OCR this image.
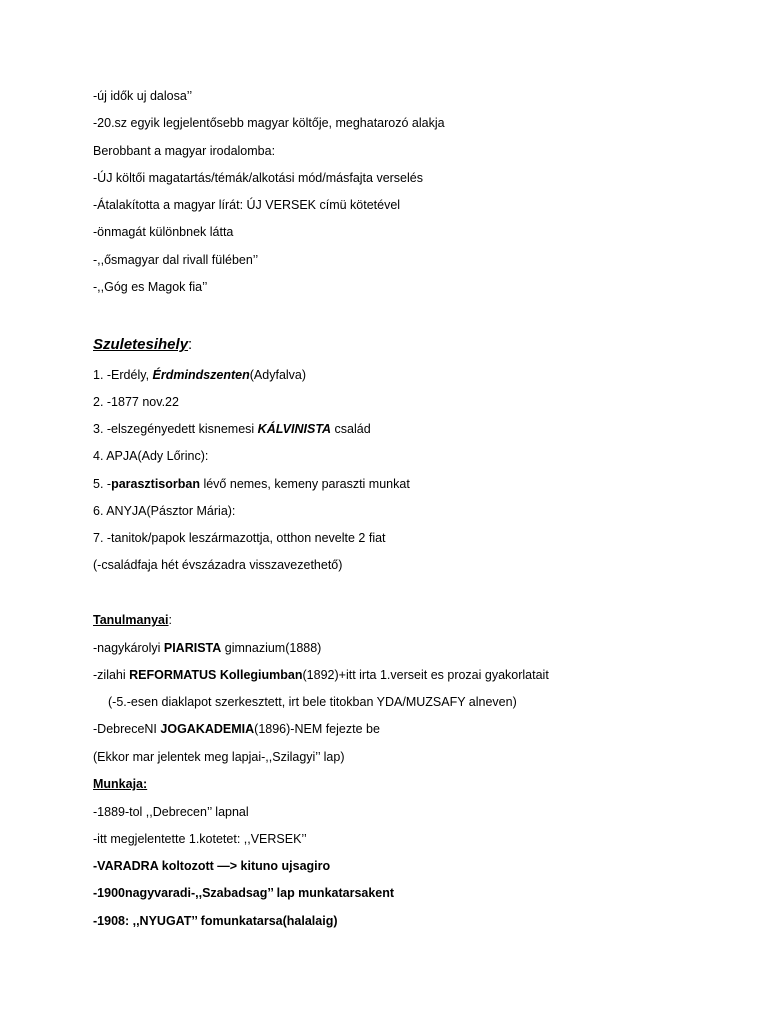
-új idők uj dalosa’’
-20.sz egyik legjelentősebb magyar költője, meghatarozó alakja
Berobbant a magyar irodalomba:
-ÚJ költői magatartás/témák/alkotási mód/másfajta verselés
-Átalakította a magyar lírát: ÚJ VERSEK címü kötetével
-önmagát különbnek látta
-,,ősmagyar dal rivall fülében’’
-,,Góg es Magok fia’’
Szuletesihely:
1. -Erdély, Érdmindszenten(Adyfalva)
2. -1877 nov.22
3. -elszegényedett kisnemesi KÁLVINISTA család
4. APJA(Ady Lőrinc):
5. -parasztisorban lévő nemes, kemeny paraszti munkat
6. ANYJA(Pásztor Mária):
7. -tanitok/papok leszármazottja, otthon nevelte 2 fiat
(-családfaja hét évszázadra visszavezethető)
Tanulmanyai:
-nagykárolyi PIARISTA gimnazium(1888)
-zilahi REFORMATUS Kollegiumban(1892)+itt irta 1.verseit es prozai gyakorlatait
(-5.-esen diaklapot szerkesztett, irt bele titokban YDA/MUZSAFY alneven)
-DebreceNI JOGAKADEMIA(1896)-NEM fejezte be
(Ekkor mar jelentek meg lapjai-,,Szilagyi’’ lap)
Munkaja:
-1889-tol ,,Debrecen’’ lapnal
-itt megjelentette 1.kotetet: ,,VERSEK’’
-VARADRA koltozott —> kituno ujsagiro
-1900nagyvaradi-,,Szabadsag’’ lap munkatarsakent
-1908: ,,NYUGAT’’ fomunkatarsa(halalaig)
